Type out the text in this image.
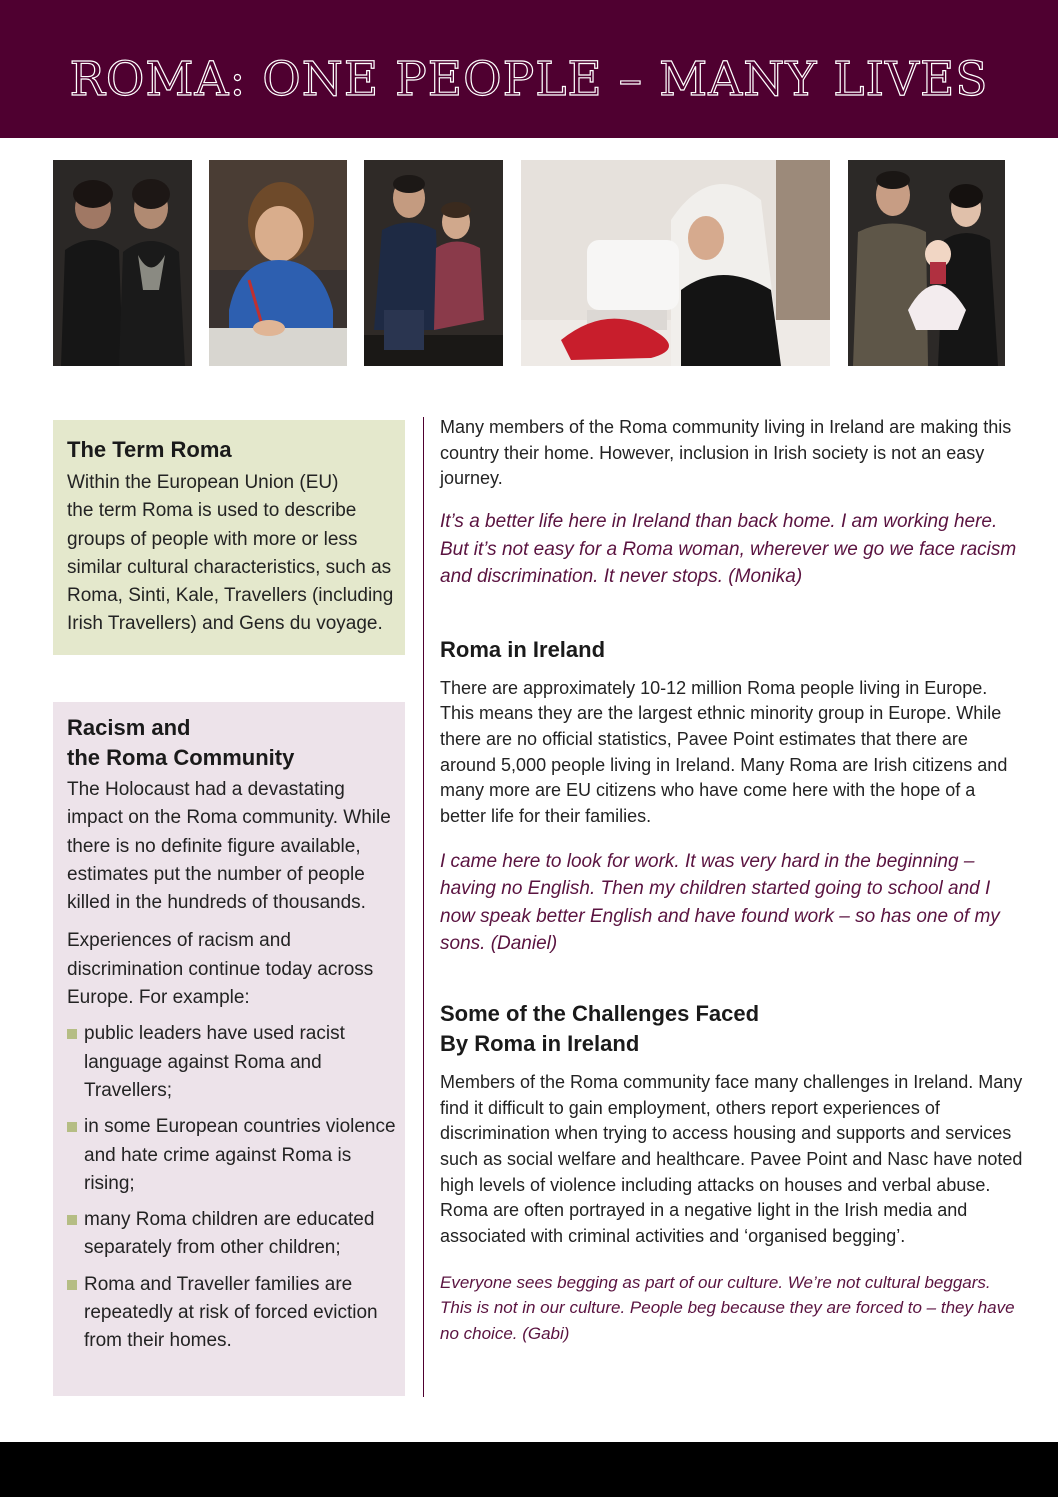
ROMA: ONE PEOPLE – MANY LIVES
The Term Roma

Within the European Union (EU)
the term Roma is used to describe
groups of people with more or less
similar cultural characteristics, such as
Roma, Sinti, Kale, Travellers (including
Irish Travellers) and Gens du voyage.

Racism and
the Roma Community

The Holocaust had a devastating impact on the Roma community. While there is no definite figure available, estimates put the number of people killed in the hundreds of thousands.

Experiences of racism and discrimination continue today across Europe. For example:

public leaders have used racist language against Roma and Travellers;
in some European countries violence and hate crime against Roma is rising;
many Roma children are educated separately from other children;
Roma and Traveller families are repeatedly at risk of forced eviction from their homes.

Many members of the Roma community living in Ireland are making this country their home. However, inclusion in Irish society is not an easy journey.

It’s a better life here in Ireland than back home. I am working here. But it’s not easy for a Roma woman, wherever we go we face racism and discrimination. It never stops. (Monika)

Roma in Ireland

There are approximately 10-12 million Roma people living in Europe. This means they are the largest ethnic minority group in Europe. While there are no official statistics, Pavee Point estimates that there are around 5,000 people living in Ireland. Many Roma are Irish citizens and many more are EU citizens who have come here with the hope of a better life for their families.

I came here to look for work. It was very hard in the beginning – having no English. Then my children started going to school and I now speak better English and have found work – so has one of my sons. (Daniel)

Some of the Challenges Faced
By Roma in Ireland

Members of the Roma community face many challenges in Ireland. Many find it difficult to gain employment, others report experiences of discrimination when trying to access housing and supports and services such as social welfare and healthcare. Pavee Point and Nasc have noted high levels of violence including attacks on houses and verbal abuse. Roma are often portrayed in a negative light in the Irish media and associated with criminal activities and ‘organised begging’.

Everyone sees begging as part of our culture. We’re not cultural beggars. This is not in our culture. People beg because they are forced to – they have no choice. (Gabi)
